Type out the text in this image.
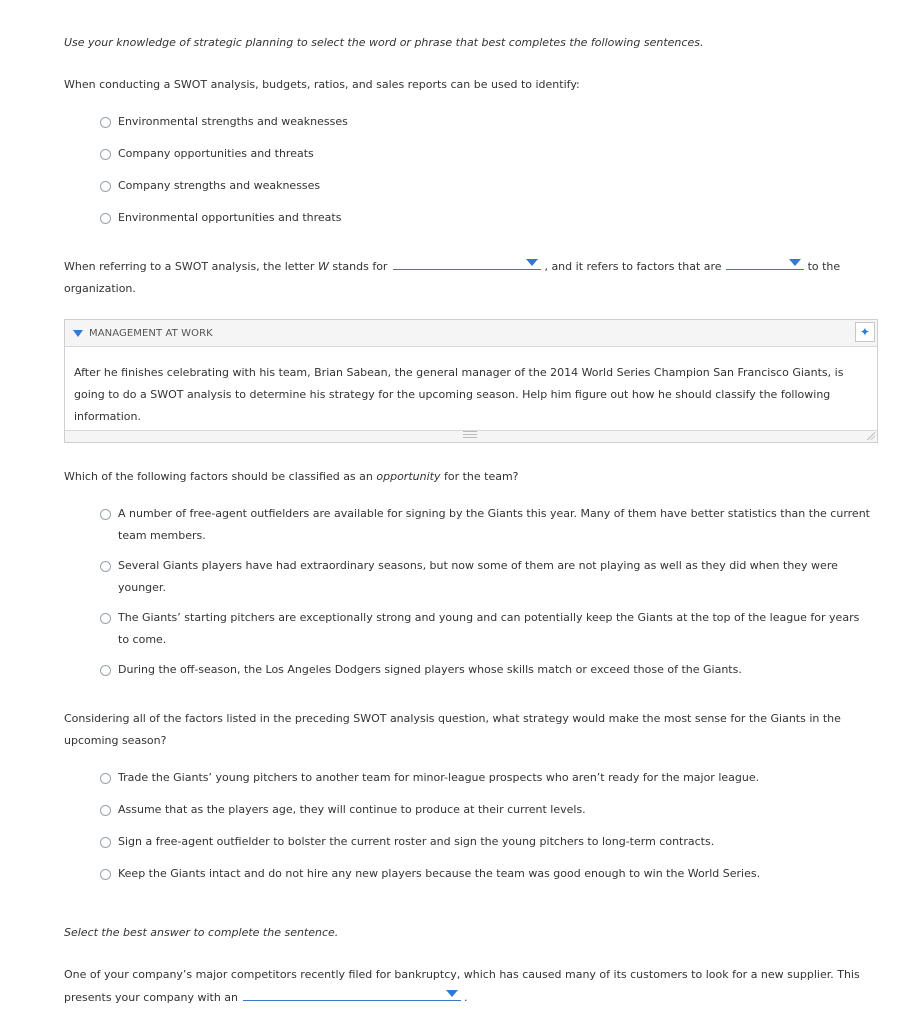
Use your knowledge of strategic planning to select the word or phrase that best completes the following sentences.
When conducting a SWOT analysis, budgets, ratios, and sales reports can be used to identify:
Environmental strengths and weaknesses
Company opportunities and threats
Company strengths and weaknesses
Environmental opportunities and threats
When referring to a SWOT analysis, the letter W stands for	, and it refers to factors that are	to the
organization.
MANAGEMENT AT WORK	✦
After he finishes celebrating with his team, Brian Sabean, the general manager of the 2014 World Series Champion San Francisco Giants, is going to do a SWOT analysis to determine his strategy for the upcoming season. Help him figure out how he should classify the following information.
Which of the following factors should be classified as an opportunity for the team?
A number of free-agent outfielders are available for signing by the Giants this year. Many of them have better statistics than the current team members.
Several Giants players have had extraordinary seasons, but now some of them are not playing as well as they did when they were younger.
The Giants’ starting pitchers are exceptionally strong and young and can potentially keep the Giants at the top of the league for years to come.
During the off-season, the Los Angeles Dodgers signed players whose skills match or exceed those of the Giants.
Considering all of the factors listed in the preceding SWOT analysis question, what strategy would make the most sense for the Giants in the upcoming season?
Trade the Giants’ young pitchers to another team for minor-league prospects who aren’t ready for the major league.
Assume that as the players age, they will continue to produce at their current levels.
Sign a free-agent outfielder to bolster the current roster and sign the young pitchers to long-term contracts.
Keep the Giants intact and do not hire any new players because the team was good enough to win the World Series.
Select the best answer to complete the sentence.
One of your company’s major competitors recently filed for bankruptcy, which has caused many of its customers to look for a new supplier. This presents your company with an	.
